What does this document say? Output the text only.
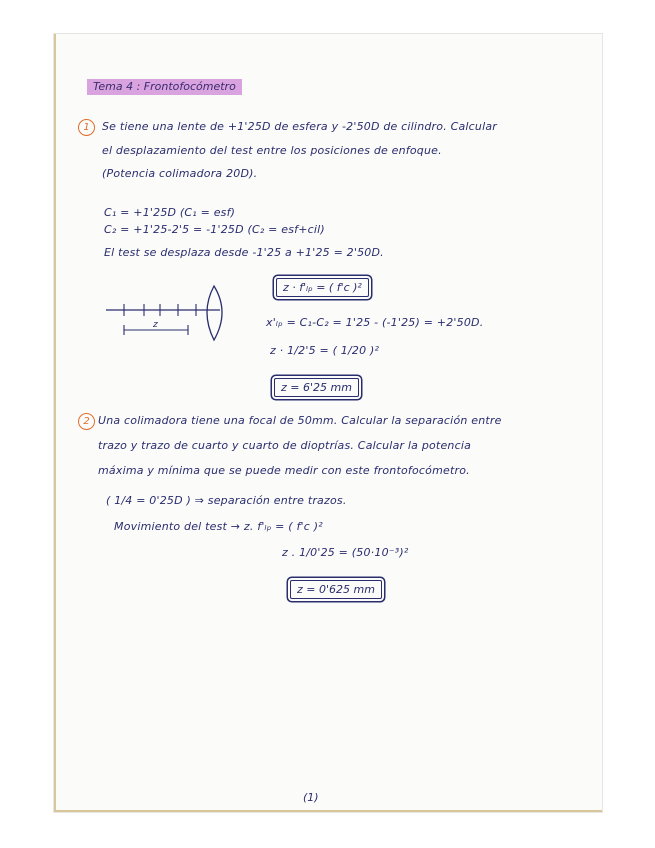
Tema 4 : Frontofocómetro
1	Se tiene una lente de +1'25D de esfera y -2'50D de cilindro. Calcular
el desplazamiento del test entre los posiciones de enfoque.
(Potencia colimadora 20D).
C₁ = +1'25D (C₁ = esf)
C₂ = +1'25-2'5 = -1'25D (C₂ = esf+cil)
El test se desplaza desde -1'25 a +1'25 = 2'50D.
z
z · f'ₗₚ = ( f'c )²
x'ₗₚ = C₁-C₂ = 1'25 - (-1'25) = +2'50D.
z · 1/2'5 = ( 1/20 )²
z = 6'25 mm
2 Una colimadora tiene una focal de 50mm. Calcular la separación entre
trazo y trazo de cuarto y cuarto de dioptrías. Calcular la potencia
máxima y mínima que se puede medir con este frontofocómetro.
( 1/4 = 0'25D ) ⇒ separación entre trazos.
Movimiento del test → z. f'ₗₚ = ( f'c )²
z . 1/0'25 = (50·10⁻³)²
z = 0'625 mm
(1)
